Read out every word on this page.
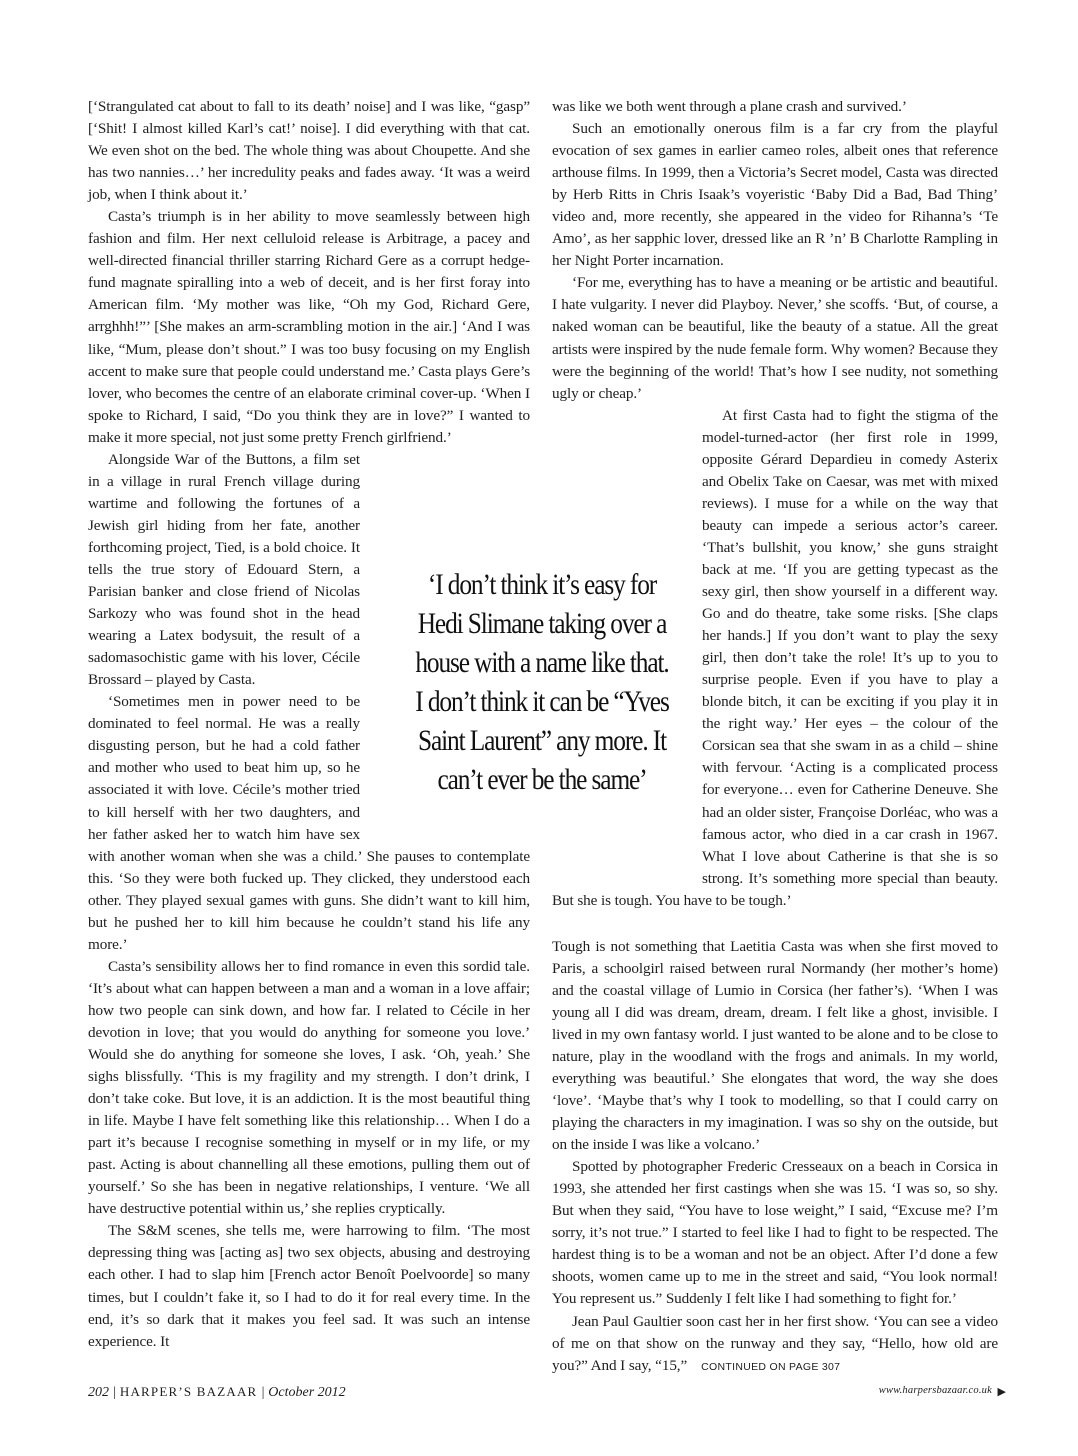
[‘Strangulated cat about to fall to its death’ noise] and I was like, “gasp” [‘Shit! I almost killed Karl’s cat!’ noise]. I did everything with that cat. We even shot on the bed. The whole thing was about Choupette. And she has two nannies…’ her incredulity peaks and fades away. ‘It was a weird job, when I think about it.’

Casta’s triumph is in her ability to move seamlessly between high fashion and film. Her next celluloid release is Arbitrage, a pacey and well-directed financial thriller starring Richard Gere as a corrupt hedge-fund magnate spiralling into a web of deceit, and is her first foray into American film. ‘My mother was like, “Oh my God, Richard Gere, arrghhh!”’ [She makes an arm-scrambling motion in the air.] ‘And I was like, “Mum, please don’t shout.” I was too busy focusing on my English accent to make sure that people could understand me.’ Casta plays Gere’s lover, who becomes the centre of an elaborate criminal cover-up. ‘When I spoke to Richard, I said, “Do you think they are in love?” I wanted to make it more special, not just some pretty French girlfriend.’

Alongside War of the Buttons, a film set in a village in rural French village during wartime and following the fortunes of a Jewish girl hiding from her fate, another forthcoming project, Tied, is a bold choice. It tells the true story of Edouard Stern, a Parisian banker and close friend of Nicolas Sarkozy who was found shot in the head wearing a Latex bodysuit, the result of a sadomasochistic game with his lover, Cécile Brossard – played by Casta.

‘Sometimes men in power need to be dominated to feel normal. He was a really disgusting person, but he had a cold father and mother who used to beat him up, so he associated it with love. Cécile’s mother tried to kill herself with her two daughters, and her father asked her to watch him have sex with another woman when she was a child.’ She pauses to contemplate this. ‘So they were both fucked up. They clicked, they understood each other. They played sexual games with guns. She didn’t want to kill him, but he pushed her to kill him because he couldn’t stand his life any more.’

Casta’s sensibility allows her to find romance in even this sordid tale. ‘It’s about what can happen between a man and a woman in a love affair; how two people can sink down, and how far. I related to Cécile in her devotion in love; that you would do anything for someone you love.’ Would she do anything for someone she loves, I ask. ‘Oh, yeah.’ She sighs blissfully. ‘This is my fragility and my strength. I don’t drink, I don’t take coke. But love, it is an addiction. It is the most beautiful thing in life. Maybe I have felt something like this relationship… When I do a part it’s because I recognise something in myself or in my life, or my past. Acting is about channelling all these emotions, pulling them out of yourself.’ So she has been in negative relationships, I venture. ‘We all have destructive potential within us,’ she replies cryptically.

The S&M scenes, she tells me, were harrowing to film. ‘The most depressing thing was [acting as] two sex objects, abusing and destroying each other. I had to slap him [French actor Benoît Poelvoorde] so many times, but I couldn’t fake it, so I had to do it for real every time. In the end, it’s so dark that it makes you feel sad. It was such an intense experience. It

was like we both went through a plane crash and survived.’

Such an emotionally onerous film is a far cry from the playful evocation of sex games in earlier cameo roles, albeit ones that reference arthouse films. In 1999, then a Victoria’s Secret model, Casta was directed by Herb Ritts in Chris Isaak’s voyeristic ‘Baby Did a Bad, Bad Thing’ video and, more recently, she appeared in the video for Rihanna’s ‘Te Amo’, as her sapphic lover, dressed like an R ’n’ B Charlotte Rampling in her Night Porter incarnation.

‘For me, everything has to have a meaning or be artistic and beautiful. I hate vulgarity. I never did Playboy. Never,’ she scoffs. ‘But, of course, a naked woman can be beautiful, like the beauty of a statue. All the great artists were inspired by the nude female form. Why women? Because they were the beginning of the world! That’s how I see nudity, not something ugly or cheap.’

At first Casta had to fight the stigma of the model-turned-actor (her first role in 1999, opposite Gérard Depardieu in comedy Asterix and Obelix Take on Caesar, was met with mixed reviews). I muse for a while on the way that beauty can impede a serious actor’s career. ‘That’s bullshit, you know,’ she guns straight back at me. ‘If you are getting typecast as the sexy girl, then show yourself in a different way. Go and do theatre, take some risks. [She claps her hands.] If you don’t want to play the sexy girl, then don’t take the role! It’s up to you to surprise people. Even if you have to play a blonde bitch, it can be exciting if you play it in the right way.’ Her eyes – the colour of the Corsican sea that she swam in as a child – shine with fervour. ‘Acting is a complicated process for everyone… even for Catherine Deneuve. She had an older sister, Françoise Dorléac, who was a famous actor, who died in a car crash in 1967. What I love about Catherine is that she is so strong. It’s something more special than beauty. But she is tough. You have to be tough.’

Tough is not something that Laetitia Casta was when she first moved to Paris, a schoolgirl raised between rural Normandy (her mother’s home) and the coastal village of Lumio in Corsica (her father’s). ‘When I was young all I did was dream, dream, dream. I felt like a ghost, invisible. I lived in my own fantasy world. I just wanted to be alone and to be close to nature, play in the woodland with the frogs and animals. In my world, everything was beautiful.’ She elongates that word, the way she does ‘love’. ‘Maybe that’s why I took to modelling, so that I could carry on playing the characters in my imagination. I was so shy on the outside, but on the inside I was like a volcano.’

Spotted by photographer Frederic Cresseaux on a beach in Corsica in 1993, she attended her first castings when she was 15. ‘I was so, so shy. But when they said, “You have to lose weight,” I said, “Excuse me? I’m sorry, it’s not true.” I started to feel like I had to fight to be respected. The hardest thing is to be a woman and not be an object. After I’d done a few shoots, women came up to me in the street and said, “You look normal! You represent us.” Suddenly I felt like I had something to fight for.’

Jean Paul Gaultier soon cast her in her first show. ‘You can see a video of me on that show on the runway and they say, “Hello, how old are you?” And I say, “15,” CONTINUED ON PAGE 307

‘I don’t think it’s easy for Hedi Slimane taking over a house with a name like that. I don’t think it can be “Yves Saint Laurent” any more. It can’t ever be the same’
202 | HARPER’S BAZAAR | October 2012	www.harpersbazaar.co.uk ▶
